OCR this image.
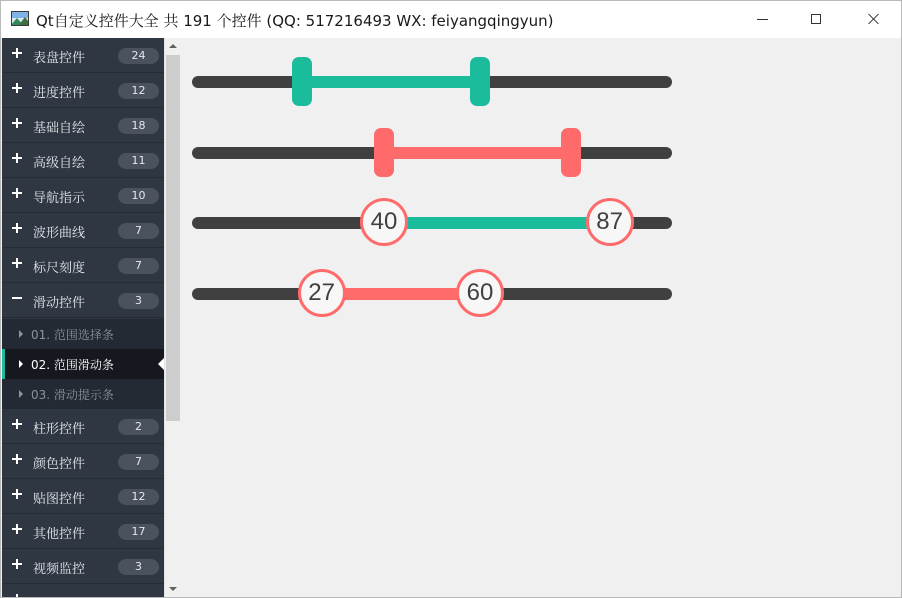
Qt自定义控件大全 共 191 个控件 (QQ: 517216493 WX: feiyangqingyun)
表盘控件	24
进度控件	12
基础自绘	18
高级自绘	11
导航指示	10
波形曲线	7
标尺刻度	7
滑动控件	3
01. 范围选择条
02. 范围滑动条
03. 滑动提示条
柱形控件	2
颜色控件	7
贴图控件	12
其他控件	17
视频监控	3
40	87
27	60
